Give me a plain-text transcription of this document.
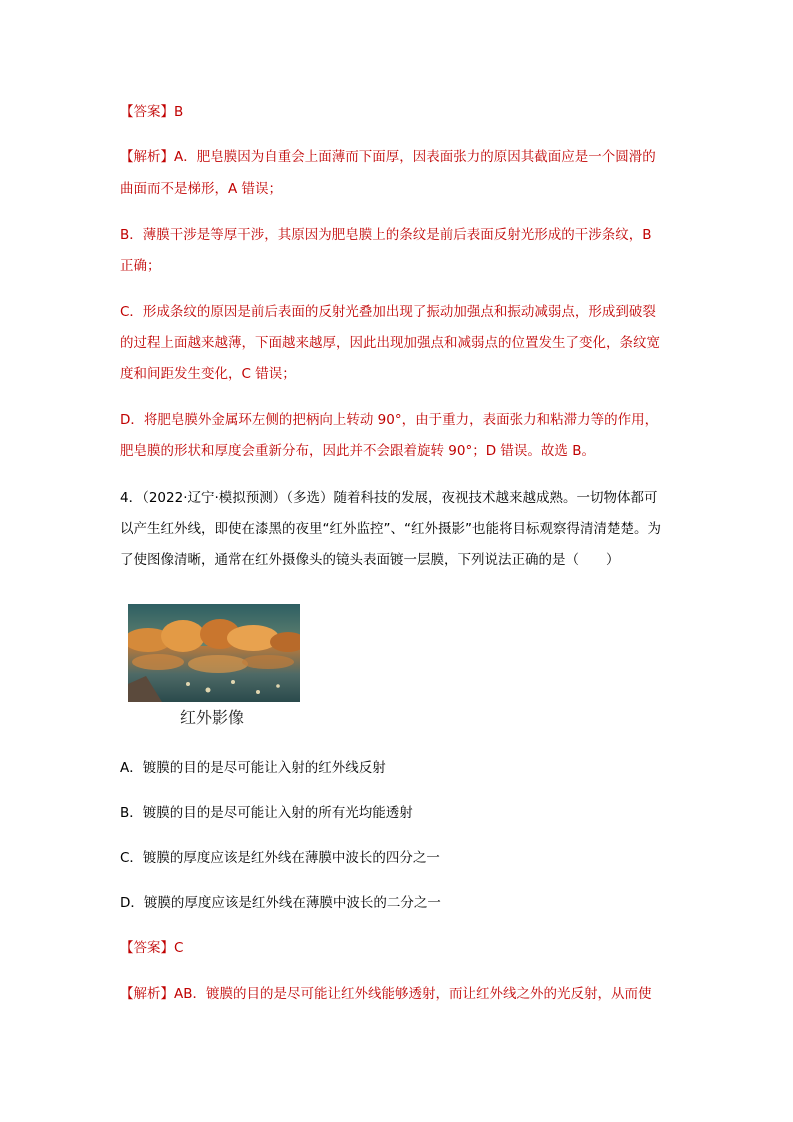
【答案】B
【解析】A．肥皂膜因为自重会上面薄而下面厚，因表面张力的原因其截面应是一个圆滑的
曲面而不是梯形，A 错误；
B．薄膜干涉是等厚干涉，其原因为肥皂膜上的条纹是前后表面反射光形成的干涉条纹，B
正确；
C．形成条纹的原因是前后表面的反射光叠加出现了振动加强点和振动减弱点，形成到破裂
的过程上面越来越薄，下面越来越厚，因此出现加强点和减弱点的位置发生了变化，条纹宽
度和间距发生变化，C 错误；
D．将肥皂膜外金属环左侧的把柄向上转动 90°，由于重力，表面张力和粘滞力等的作用，
肥皂膜的形状和厚度会重新分布，因此并不会跟着旋转 90°；D 错误。故选 B。
4．（2022·辽宁·模拟预测）（多选）随着科技的发展，夜视技术越来越成熟。一切物体都可
以产生红外线，即使在漆黑的夜里“红外监控”、“红外摄影”也能将目标观察得清清楚楚。为
了使图像清晰，通常在红外摄像头的镜头表面镀一层膜，下列说法正确的是（　　）
红外影像
A．镀膜的目的是尽可能让入射的红外线反射
B．镀膜的目的是尽可能让入射的所有光均能透射
C．镀膜的厚度应该是红外线在薄膜中波长的四分之一
D．镀膜的厚度应该是红外线在薄膜中波长的二分之一
【答案】C
【解析】AB．镀膜的目的是尽可能让红外线能够透射，而让红外线之外的光反射，从而使
